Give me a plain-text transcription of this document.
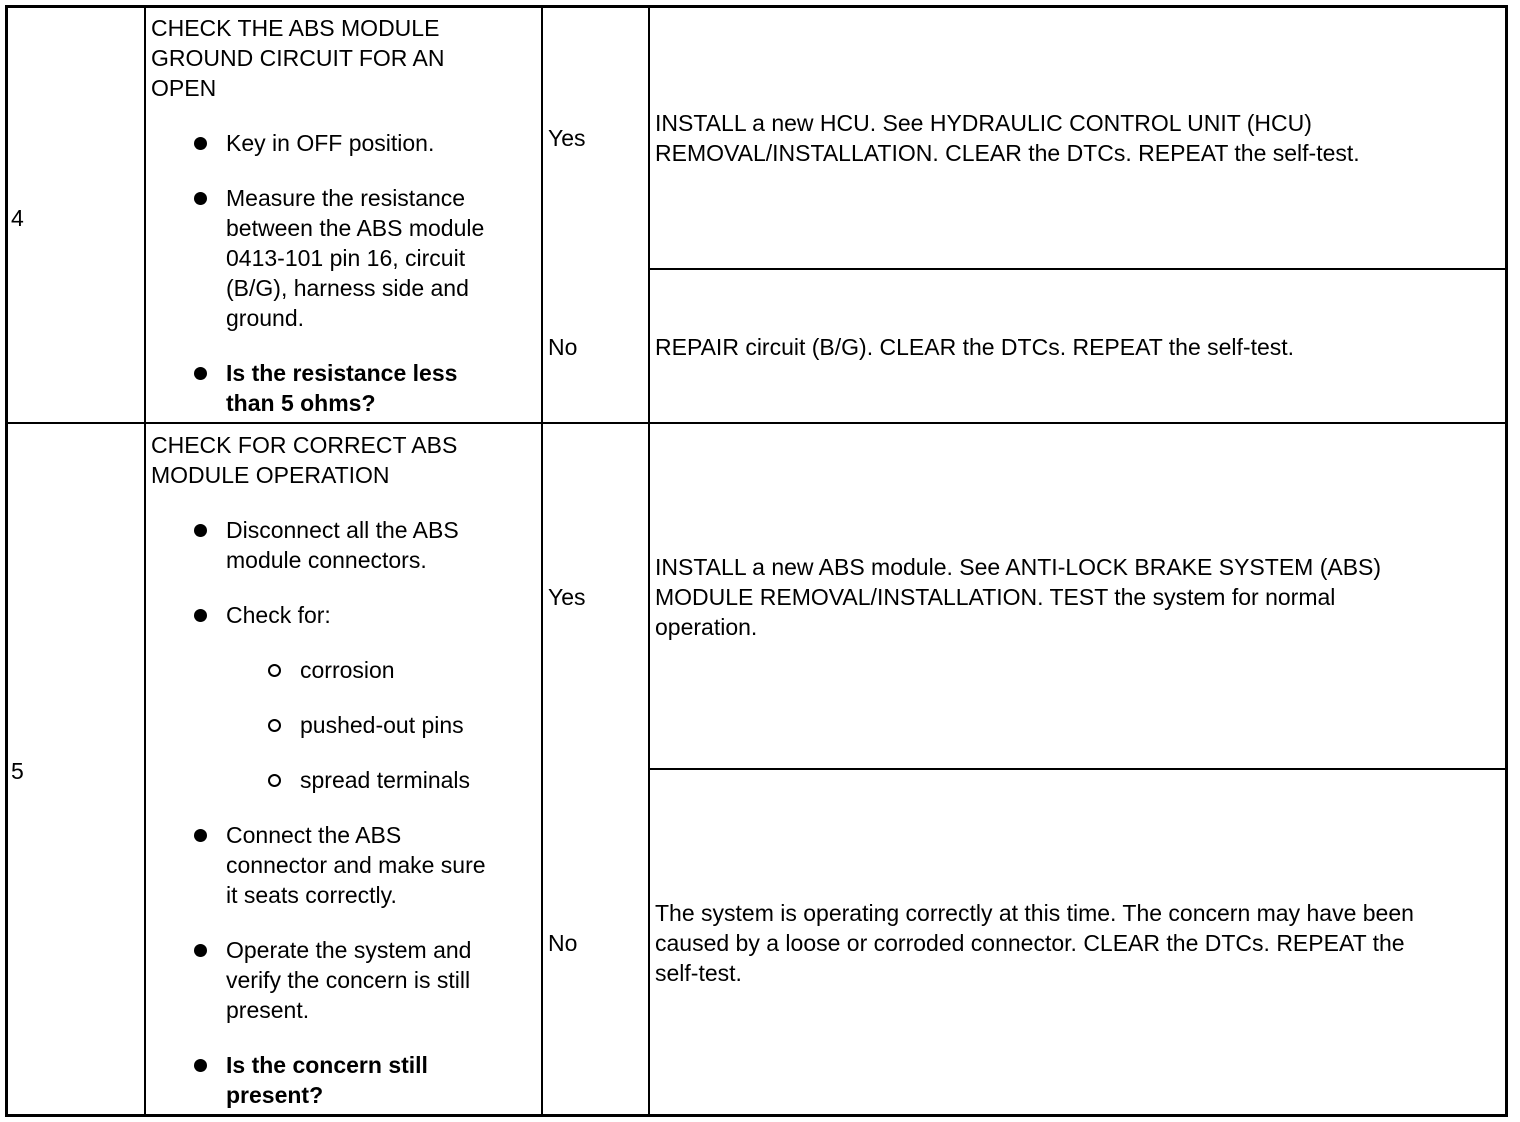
4
CHECK THE ABS MODULE
GROUND CIRCUIT FOR AN
OPEN
Key in OFF position.
Measure the resistance
between the ABS module
0413-101 pin 16, circuit
(B/G), harness side and
ground.
Is the resistance less
than 5 ohms?
Yes
INSTALL a new HCU. See HYDRAULIC CONTROL UNIT (HCU)
REMOVAL/INSTALLATION. CLEAR the DTCs. REPEAT the self-test.
No	REPAIR circuit (B/G). CLEAR the DTCs. REPEAT the self-test.
5
CHECK FOR CORRECT ABS
MODULE OPERATION
Disconnect all the ABS
module connectors.
Check for:
corrosion
pushed-out pins
spread terminals
Connect the ABS
connector and make sure
it seats correctly.
Operate the system and
verify the concern is still
present.
Is the concern still
present?
Yes
INSTALL a new ABS module. See ANTI-LOCK BRAKE SYSTEM (ABS)
MODULE REMOVAL/INSTALLATION. TEST the system for normal
operation.
No
The system is operating correctly at this time. The concern may have been
caused by a loose or corroded connector. CLEAR the DTCs. REPEAT the
self-test.
